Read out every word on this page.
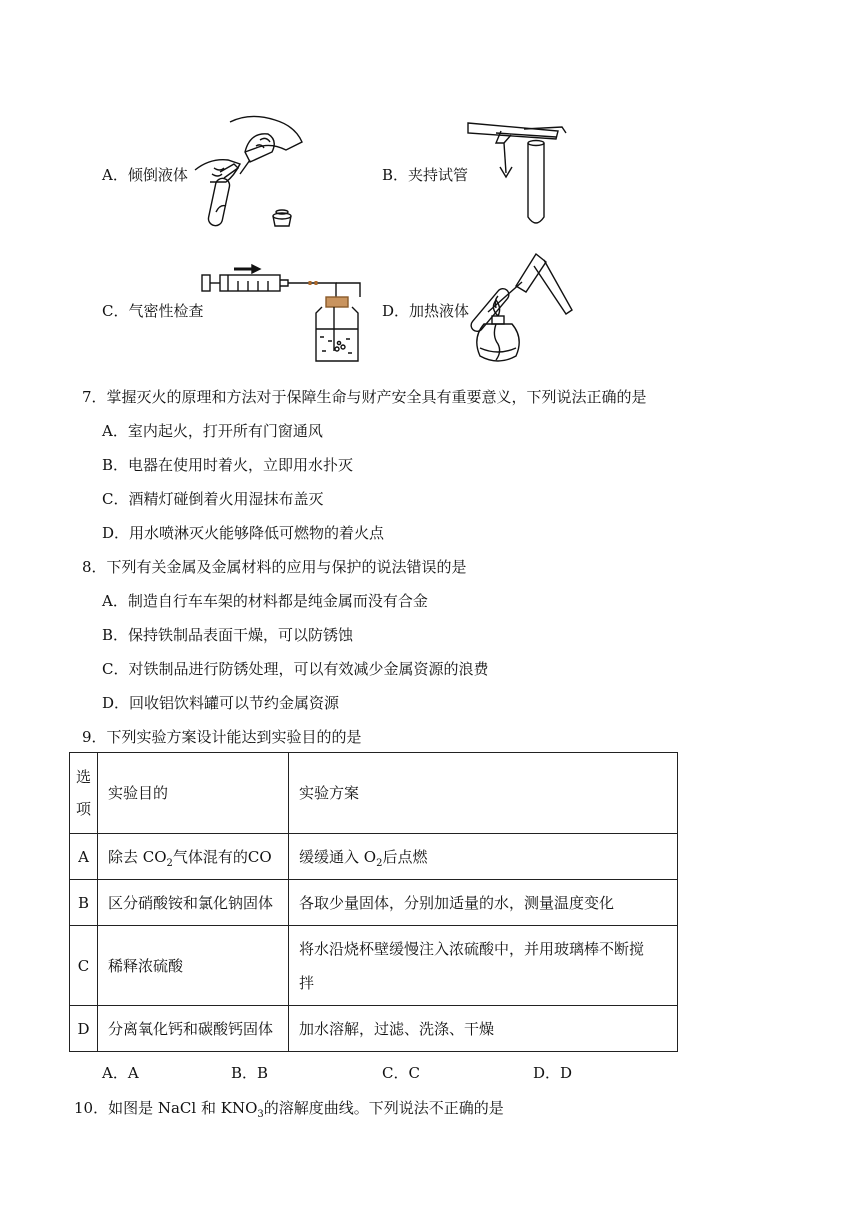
A．倾倒液体	B．夹持试管
C．气密性检查	D．加热液体
7．掌握灭火的原理和方法对于保障生命与财产安全具有重要意义，下列说法正确的是
A．室内起火，打开所有门窗通风
B．电器在使用时着火，立即用水扑灭
C．酒精灯碰倒着火用湿抹布盖灭
D．用水喷淋灭火能够降低可燃物的着火点
8．下列有关金属及金属材料的应用与保护的说法错误的是
A．制造自行车车架的材料都是纯金属而没有合金
B．保持铁制品表面干燥，可以防锈蚀
C．对铁制品进行防锈处理，可以有效减少金属资源的浪费
D．回收铝饮料罐可以节约金属资源
9．下列实验方案设计能达到实验目的的是
选
项	实验目的	实验方案
A	除去 $CO_2$气体混有的CO	缓缓通入 $O_2$后点燃
B	区分硝酸铵和氯化钠固体	各取少量固体，分别加适量的水，测量温度变化
C	稀释浓硫酸	将水沿烧杯壁缓慢注入浓硫酸中，并用玻璃棒不断搅
拌

D	分离氧化钙和碳酸钙固体	加水溶解，过滤、洗涤、干燥
A．A	B．B	C．C	D．D
10．如图是 NaCl 和 $KNO_3$的溶解度曲线。下列说法不正确的是
